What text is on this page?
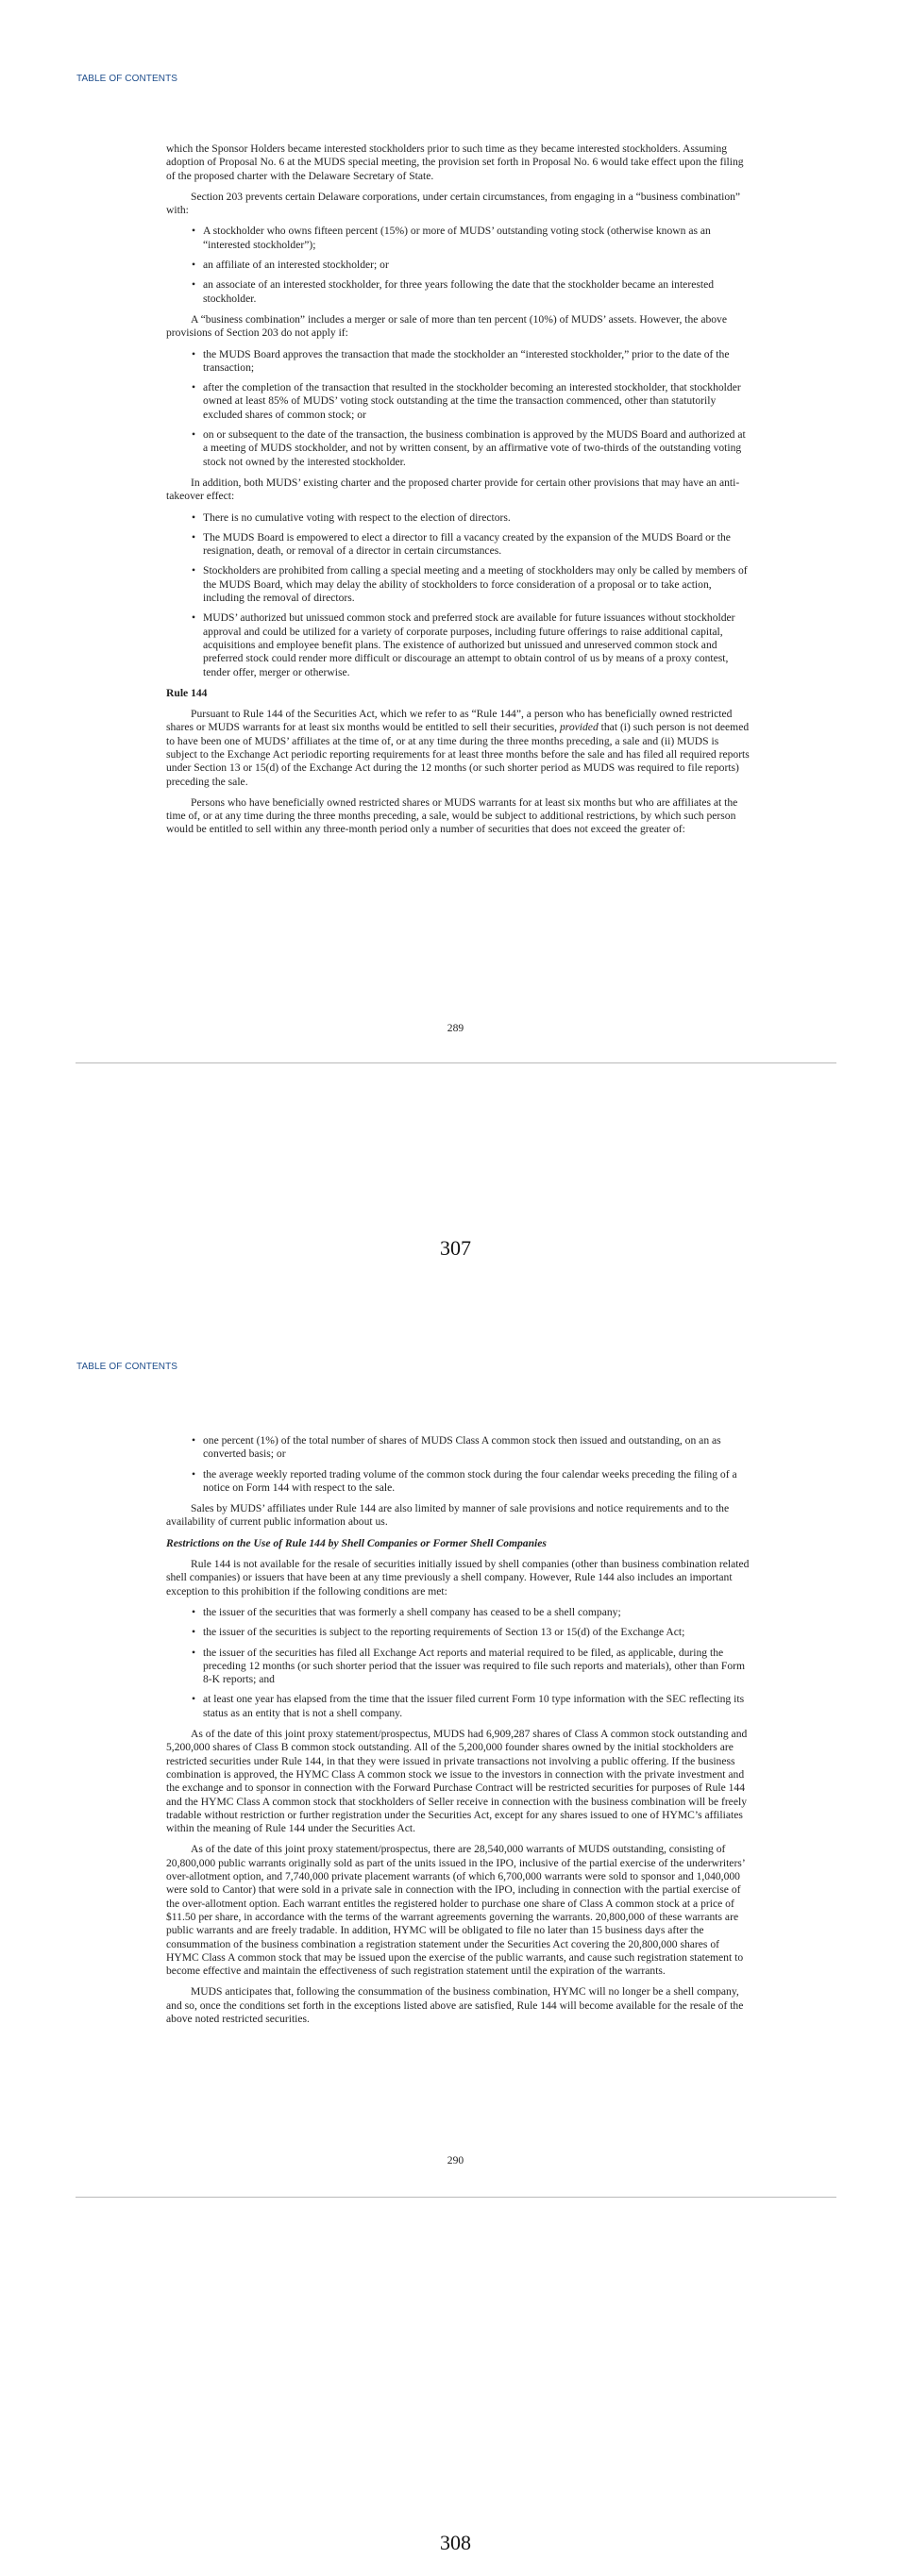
TABLE OF CONTENTS

which the Sponsor Holders became interested stockholders prior to such time as they became interested stockholders. Assuming adoption of Proposal No. 6 at the MUDS special meeting, the provision set forth in Proposal No. 6 would take effect upon the filing of the proposed charter with the Delaware Secretary of State.

Section 203 prevents certain Delaware corporations, under certain circumstances, from engaging in a “business combination” with:

• A stockholder who owns fifteen percent (15%) or more of MUDS’ outstanding voting stock (otherwise known as an “interested stockholder”);
• an affiliate of an interested stockholder; or
• an associate of an interested stockholder, for three years following the date that the stockholder became an interested stockholder.

A “business combination” includes a merger or sale of more than ten percent (10%) of MUDS’ assets. However, the above provisions of Section 203 do not apply if:

• the MUDS Board approves the transaction that made the stockholder an “interested stockholder,” prior to the date of the transaction;
• after the completion of the transaction that resulted in the stockholder becoming an interested stockholder, that stockholder owned at least 85% of MUDS’ voting stock outstanding at the time the transaction commenced, other than statutorily excluded shares of common stock; or
• on or subsequent to the date of the transaction, the business combination is approved by the MUDS Board and authorized at a meeting of MUDS stockholder, and not by written consent, by an affirmative vote of two-thirds of the outstanding voting stock not owned by the interested stockholder.

In addition, both MUDS’ existing charter and the proposed charter provide for certain other provisions that may have an anti-takeover effect:

• There is no cumulative voting with respect to the election of directors.
• The MUDS Board is empowered to elect a director to fill a vacancy created by the expansion of the MUDS Board or the resignation, death, or removal of a director in certain circumstances.
• Stockholders are prohibited from calling a special meeting and a meeting of stockholders may only be called by members of the MUDS Board, which may delay the ability of stockholders to force consideration of a proposal or to take action, including the removal of directors.
• MUDS’ authorized but unissued common stock and preferred stock are available for future issuances without stockholder approval and could be utilized for a variety of corporate purposes, including future offerings to raise additional capital, acquisitions and employee benefit plans. The existence of authorized but unissued and unreserved common stock and preferred stock could render more difficult or discourage an attempt to obtain control of us by means of a proxy contest, tender offer, merger or otherwise.
Rule 144

Pursuant to Rule 144 of the Securities Act, which we refer to as “Rule 144”, a person who has beneficially owned restricted shares or MUDS warrants for at least six months would be entitled to sell their securities, provided that (i) such person is not deemed to have been one of MUDS’ affiliates at the time of, or at any time during the three months preceding, a sale and (ii) MUDS is subject to the Exchange Act periodic reporting requirements for at least three months before the sale and has filed all required reports under Section 13 or 15(d) of the Exchange Act during the 12 months (or such shorter period as MUDS was required to file reports) preceding the sale.

Persons who have beneficially owned restricted shares or MUDS warrants for at least six months but who are affiliates at the time of, or at any time during the three months preceding, a sale, would be subject to additional restrictions, by which such person would be entitled to sell within any three-month period only a number of securities that does not exceed the greater of:

289
307
TABLE OF CONTENTS
• one percent (1%) of the total number of shares of MUDS Class A common stock then issued and outstanding, on an as converted basis; or
• the average weekly reported trading volume of the common stock during the four calendar weeks preceding the filing of a notice on Form 144 with respect to the sale.

Sales by MUDS’ affiliates under Rule 144 are also limited by manner of sale provisions and notice requirements and to the availability of current public information about us.

Restrictions on the Use of Rule 144 by Shell Companies or Former Shell Companies

Rule 144 is not available for the resale of securities initially issued by shell companies (other than business combination related shell companies) or issuers that have been at any time previously a shell company. However, Rule 144 also includes an important exception to this prohibition if the following conditions are met:

• the issuer of the securities that was formerly a shell company has ceased to be a shell company;
• the issuer of the securities is subject to the reporting requirements of Section 13 or 15(d) of the Exchange Act;
• the issuer of the securities has filed all Exchange Act reports and material required to be filed, as applicable, during the preceding 12 months (or such shorter period that the issuer was required to file such reports and materials), other than Form 8-K reports; and
• at least one year has elapsed from the time that the issuer filed current Form 10 type information with the SEC reflecting its status as an entity that is not a shell company.

As of the date of this joint proxy statement/prospectus, MUDS had 6,909,287 shares of Class A common stock outstanding and 5,200,000 shares of Class B common stock outstanding. All of the 5,200,000 founder shares owned by the initial stockholders are restricted securities under Rule 144, in that they were issued in private transactions not involving a public offering. If the business combination is approved, the HYMC Class A common stock we issue to the investors in connection with the private investment and the exchange and to sponsor in connection with the Forward Purchase Contract will be restricted securities for purposes of Rule 144 and the HYMC Class A common stock that stockholders of Seller receive in connection with the business combination will be freely tradable without restriction or further registration under the Securities Act, except for any shares issued to one of HYMC’s affiliates within the meaning of Rule 144 under the Securities Act.

As of the date of this joint proxy statement/prospectus, there are 28,540,000 warrants of MUDS outstanding, consisting of 20,800,000 public warrants originally sold as part of the units issued in the IPO, inclusive of the partial exercise of the underwriters’ over-allotment option, and 7,740,000 private placement warrants (of which 6,700,000 warrants were sold to sponsor and 1,040,000 were sold to Cantor) that were sold in a private sale in connection with the IPO, including in connection with the partial exercise of the over-allotment option. Each warrant entitles the registered holder to purchase one share of Class A common stock at a price of $11.50 per share, in accordance with the terms of the warrant agreements governing the warrants. 20,800,000 of these warrants are public warrants and are freely tradable. In addition, HYMC will be obligated to file no later than 15 business days after the consummation of the business combination a registration statement under the Securities Act covering the 20,800,000 shares of HYMC Class A common stock that may be issued upon the exercise of the public warrants, and cause such registration statement to become effective and maintain the effectiveness of such registration statement until the expiration of the warrants.

MUDS anticipates that, following the consummation of the business combination, HYMC will no longer be a shell company, and so, once the conditions set forth in the exceptions listed above are satisfied, Rule 144 will become available for the resale of the above noted restricted securities.

290
308
